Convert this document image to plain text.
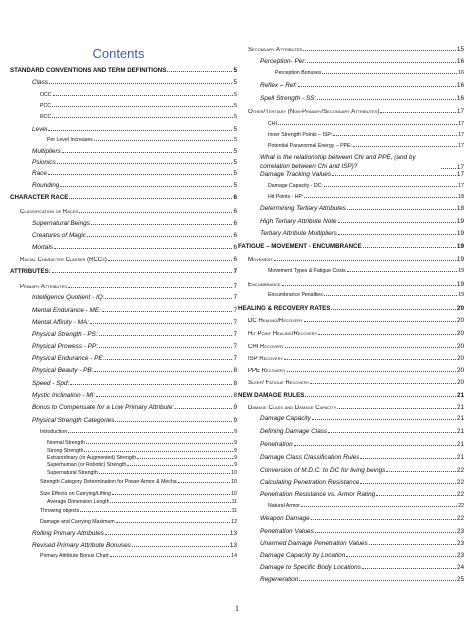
Contents
STANDARD CONVENTIONS AND TERM DEFINITIONS	5
Class	5
OCC	5
PCC	5
RCC	5
Level	5
Per Level Increases	5
Multipliers	5
Psionics	5
Race	5
Rounding	5
CHARACTER RACE	6
Classification of Races	6
Supernatural Beings	6
Creatures of Magic	6
Mortals	6
Racial Character Classes (RCCs)	6
ATTRIBUTES:	7
Primary Attributes	7
Intelligence Quotient - IQ:	7
Mental Endurance - ME:	7
Mental Affinity - MA:	7
Physical Strength - PS:	7
Physical Prowess - PP:	7
Physical Endurance - PE:	7
Physical Beauty - PB:	8
Speed - Spd:	8
Mystic Inclination - MI:	8
Bonus to Compensate for a Low Primary Attribute:	9
Physical Strength Categories	9
Introduction	9
Normal Strength	9
Strong Strength	9
Extraordinary (or Augmented) Strength	9
Superhuman (or Robotic) Strength	9
Supernatural Strength	10
Strength Category Determination for Power Armor & Mecha	10
Size Effects on Carrying/Lifting	10
Average Dimension Length	11
Throwing objects	11
Damage and Carrying Maximum	12
Rolling Primary Attributes	13
Revised Primary Attribute Bonuses	13
Primary Attribute Bonus Chart	14
Secondary Attributes	15
Perception- Per:	16
Perception Bonuses	16
Reflex – Ref:	16
Spell Strength - SS:	16
Other/Tertiary (Non-Primary/Secondary Attributes)	17
CHI	17
Inner Strength Points – ISP:	17
Potential Paranormal Energy – PPE:	17
What is the relationship between Chi and PPE, (and by correlation between Chi and ISP)?	17
Damage Tracking Values	17
Damage Capacity - DC:	17
Hit Points - HP:	18
Determining Tertiary Attributes	18
High Tertiary Attribute Note	19
Tertiary Attribute Multipliers	19
FATIGUE – MOVEMENT - ENCUMBRANCE	19
Movement	19
Movement Types & Fatigue Costs	19
Encumbrance	19
Encumbrance Penalties	19
HEALING & RECOVERY RATES	20
DC Healing/Recovery	20
Hit Point Healing/Recovery	20
CHI Recovery	20
ISP Recovery	20
PPE Recovery	20
Sleep/ Fatigue Recovery	20
NEW DAMAGE RULES	21
Damage Class and Damage Capacity	21
Damage Capacity	21
Defining Damage Class	21
Penetration	21
Damage Class Classification Rules	21
Conversion of M.D.C. to DC for living beings	22
Calculating Penetration Resistance	22
Penetration Resistance vs. Armor Rating	22
Natural Armor	22
Weapon Damage	22
Penetration Values	23
Unarmed Damage Penetration Values	23
Damage Capacity by Location	23
Damage to Specific Body Locations	24
Regeneration	25
1
